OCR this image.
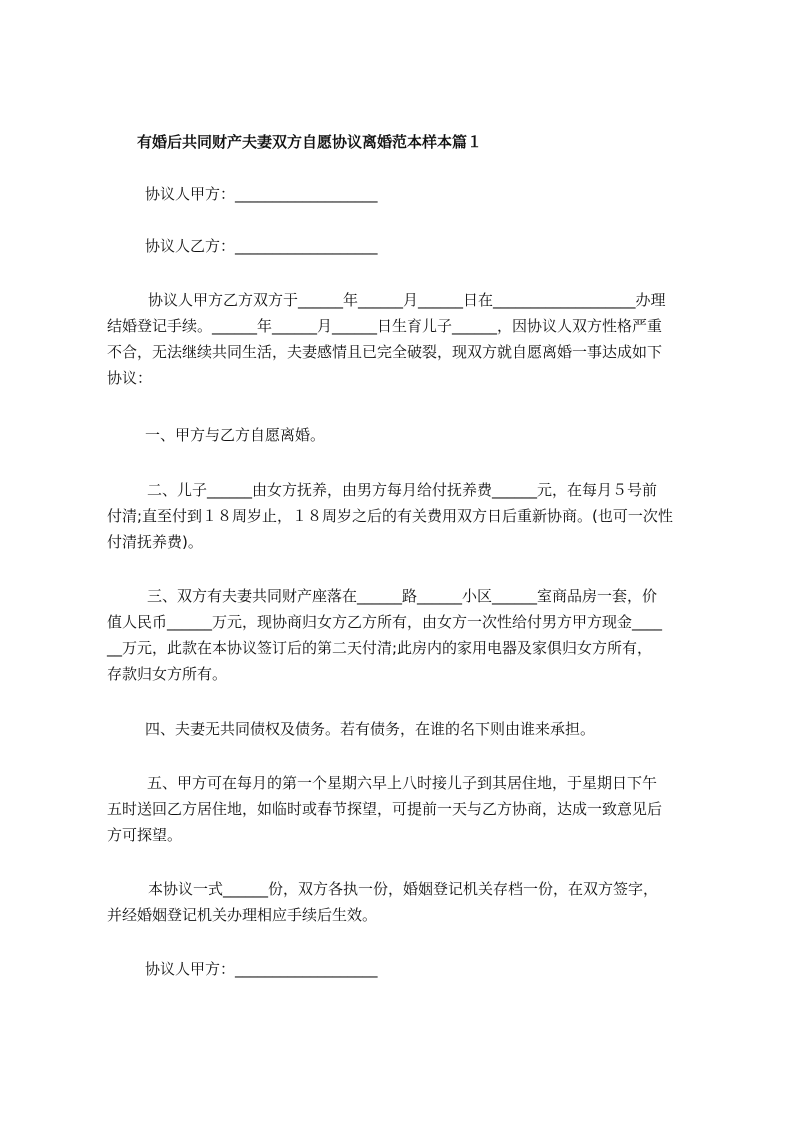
有婚后共同财产夫妻双方自愿协议离婚范本样本篇１
协议人甲方：___________________
协议人乙方：___________________
协议人甲方乙方双方于______年______月______日在___________________办理
结婚登记手续。______年______月______日生育儿子______，因协议人双方性格严重
不合，无法继续共同生活，夫妻感情且已完全破裂，现双方就自愿离婚一事达成如下
协议：
一、甲方与乙方自愿离婚。
二、儿子______由女方抚养，由男方每月给付抚养费______元，在每月５号前
付清;直至付到１８周岁止，１８周岁之后的有关费用双方日后重新协商。(也可一次性
付清抚养费)。
三、双方有夫妻共同财产座落在______路______小区______室商品房一套，价
值人民币______万元，现协商归女方乙方所有，由女方一次性给付男方甲方现金____
__万元，此款在本协议签订后的第二天付清;此房内的家用电器及家俱归女方所有，
存款归女方所有。
四、夫妻无共同债权及债务。若有债务，在谁的名下则由谁来承担。
五、甲方可在每月的第一个星期六早上八时接儿子到其居住地，于星期日下午
五时送回乙方居住地，如临时或春节探望，可提前一天与乙方协商，达成一致意见后
方可探望。
本协议一式______份，双方各执一份，婚姻登记机关存档一份，在双方签字，
并经婚姻登记机关办理相应手续后生效。
协议人甲方：___________________
